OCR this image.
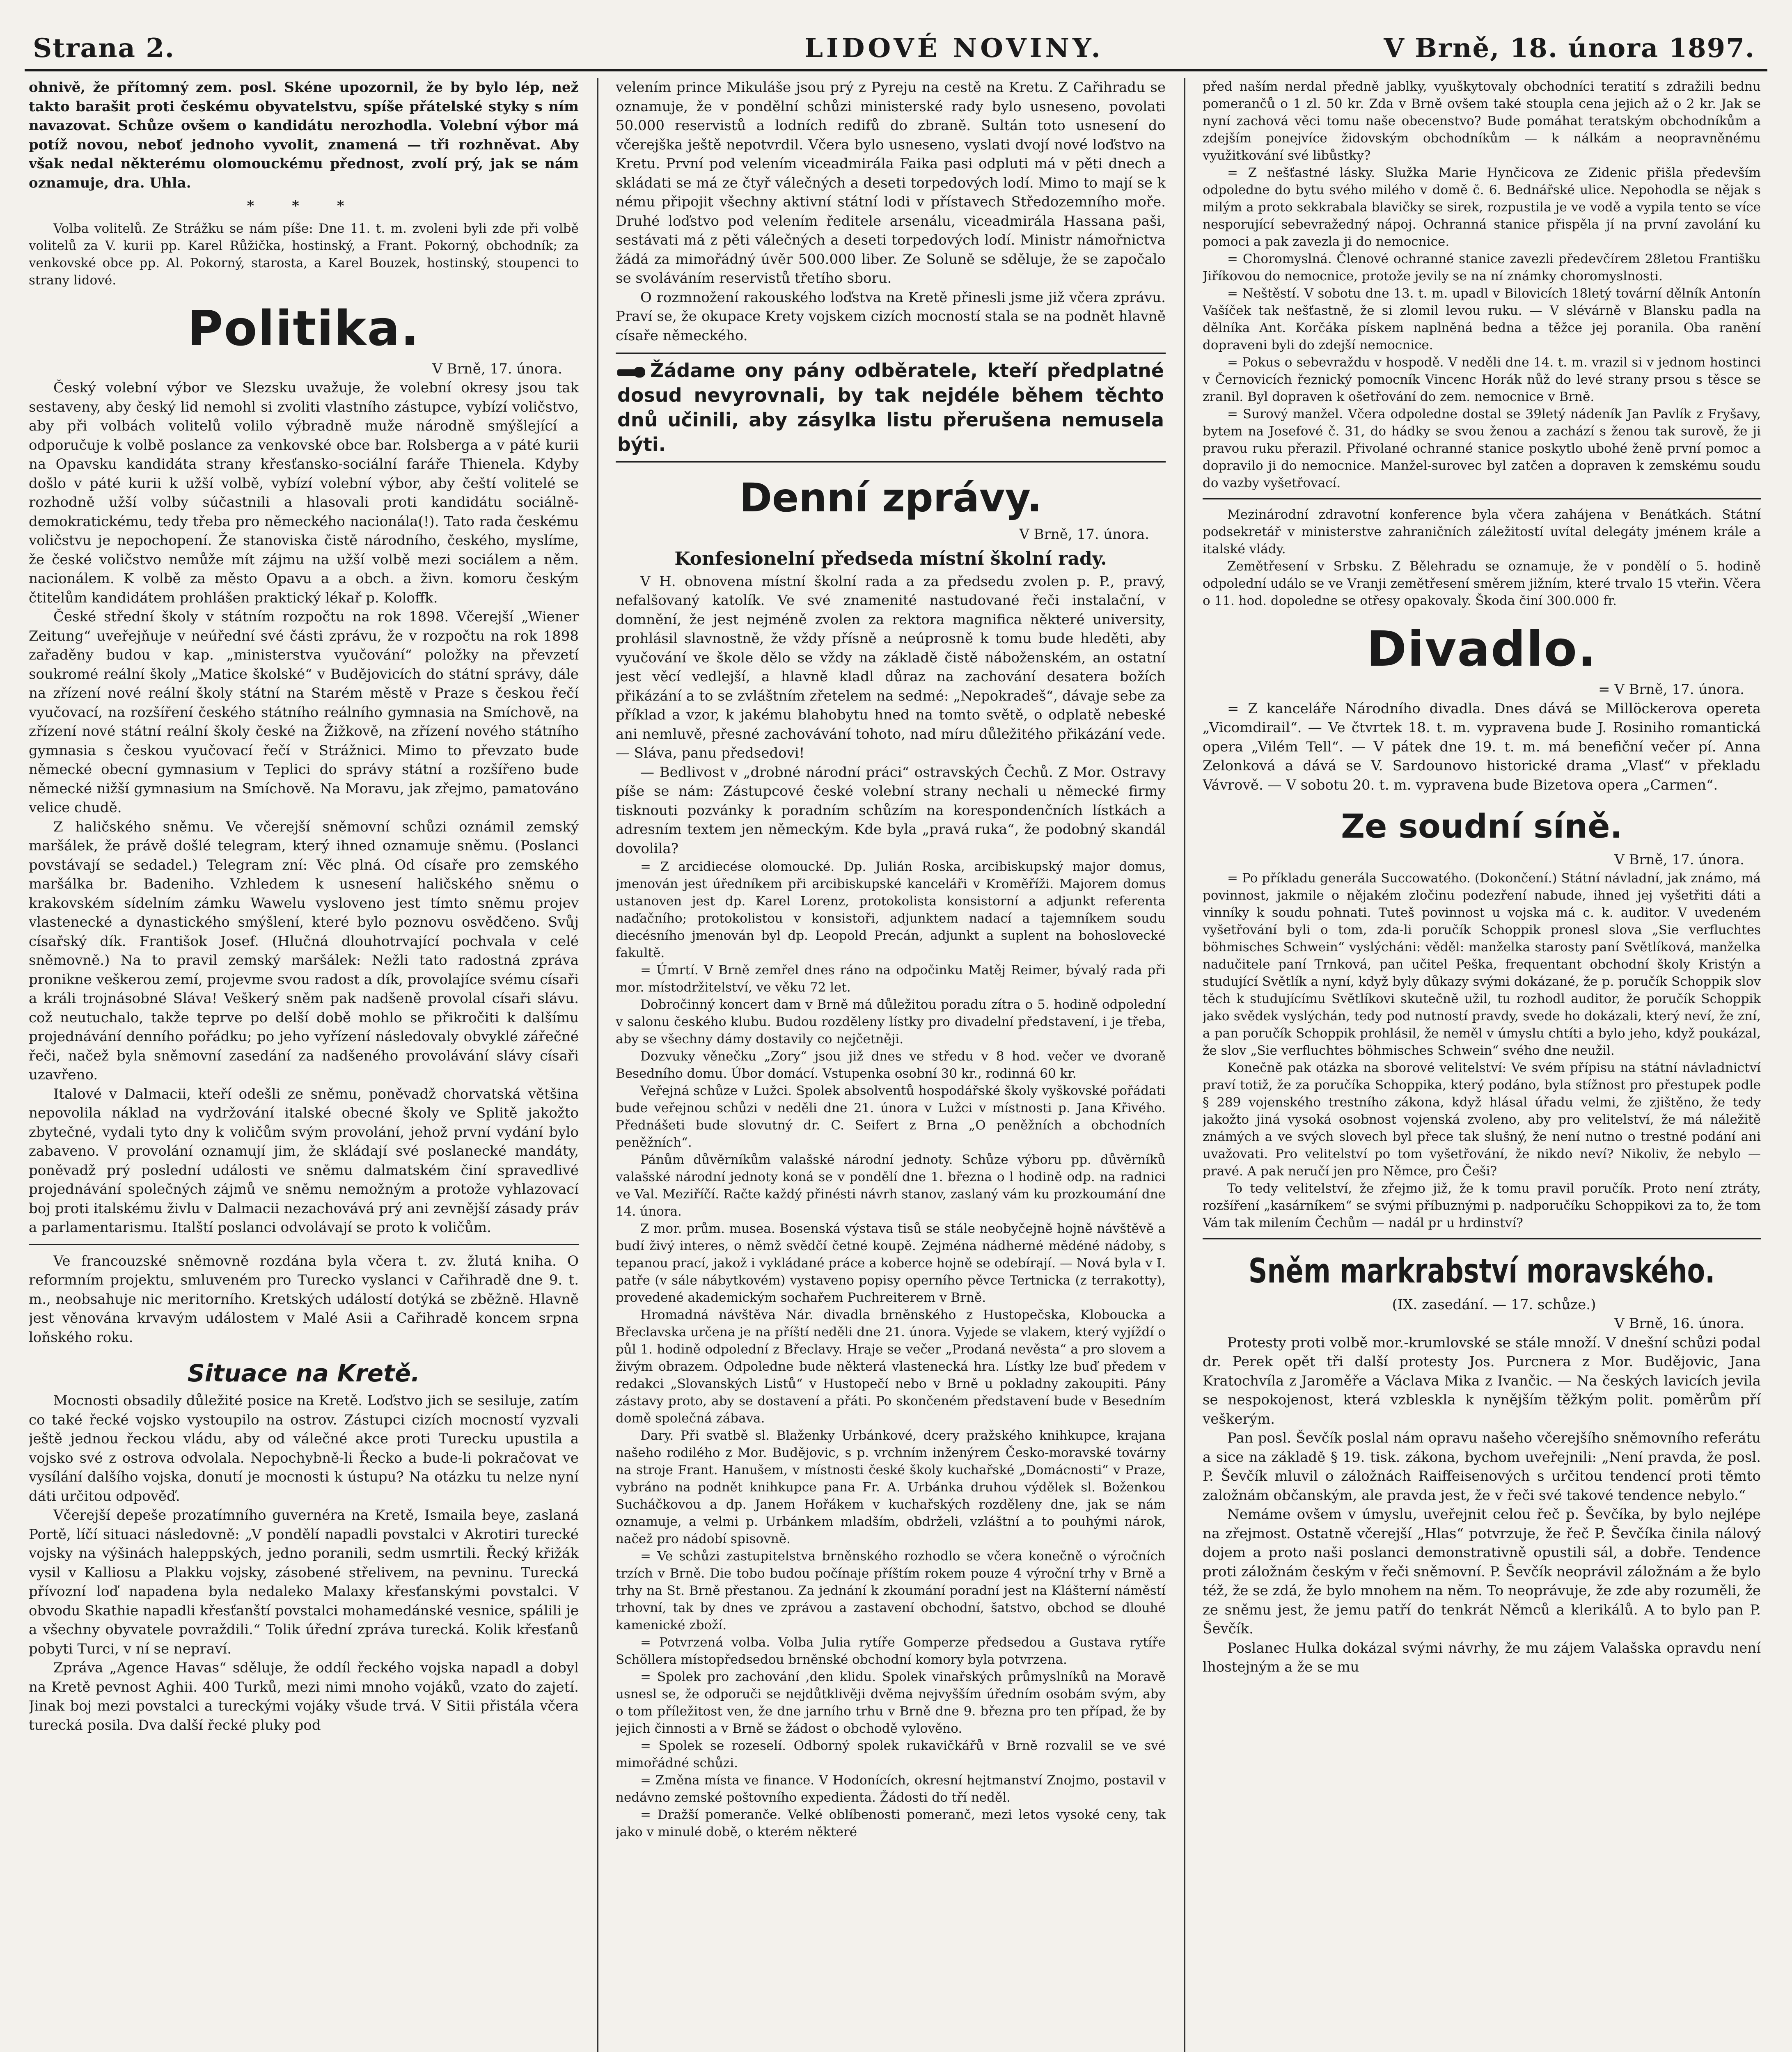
Strana 2.	LIDOVÉ NOVINY.	V Brně, 18. února 1897.

ohnivě, že přítomný zem. posl. Skéne upozornil, že by bylo lép, než takto barašit proti českému obyvatelstvu, spíše přátelské styky s ním navazovat. Schůze ovšem o kandidátu nerozhodla. Volební výbor má potíž novou, neboť jednoho vyvolit, znamená — tři rozhněvat. Aby však nedal některému olomouckému přednost, zvolí prý, jak se nám oznamuje, dra. Uhla.

* * *

Volba volitelů. Ze Strážku se nám píše: Dne 11. t. m. zvoleni byli zde při volbě volitelů za V. kurii pp. Karel Růžička, hostinský, a Frant. Pokorný, obchodník; za venkovské obce pp. Al. Pokorný, starosta, a Karel Bouzek, hostinský, stoupenci to strany lidové.

Politika.

V Brně, 17. února.

Český volební výbor ve Slezsku uvažuje, že volební okresy jsou tak sestaveny, aby český lid nemohl si zvoliti vlastního zástupce, vybízí voličstvo, aby při volbách volitelů volilo výbradně muže národně smýšlející a odporučuje k volbě poslance za venkovské obce bar. Rolsberga a v páté kurii na Opavsku kandidáta strany křesťansko-sociální faráře Thienela. Kdyby došlo v páté kurii k užší volbě, vybízí volební výbor, aby čeští volitelé se rozhodně užší volby súčastnili a hlasovali proti kandidátu sociálně-demokratickému, tedy třeba pro německého nacionála(!). Tato rada českému voličstvu je nepochopení. Že stanoviska čistě národního, českého, myslíme, že české voličstvo nemůže mít zájmu na užší volbě mezi sociálem a něm. nacionálem. K volbě za město Opavu a a obch. a živn. komoru českým čtitelům kandidátem prohlášen praktický lékař p. Koloffk.

České střední školy v státním rozpočtu na rok 1898. Včerejší „Wiener Zeitung“ uveřejňuje v neúřední své části zprávu, že v rozpočtu na rok 1898 zařaděny budou v kap. „ministerstva vyučování“ položky na převzetí soukromé reální školy „Matice školské“ v Budějovicích do státní správy, dále na zřízení nové reální školy státní na Starém městě v Praze s českou řečí vyučovací, na rozšíření českého státního reálního gymnasia na Smíchově, na zřízení nové státní reální školy české na Žižkově, na zřízení nového státního gymnasia s českou vyučovací řečí v Strážnici. Mimo to převzato bude německé obecní gymnasium v Teplici do správy státní a rozšířeno bude německé nižší gymnasium na Smíchově. Na Moravu, jak zřejmo, pamatováno velice chudě.

Z haličského sněmu. Ve včerejší sněmovní schůzi oznámil zemský maršálek, že právě došlé telegram, který ihned oznamuje sněmu. (Poslanci povstávají se sedadel.) Telegram zní: Věc plná. Od císaře pro zemského maršálka br. Badeniho. Vzhledem k usnesení haličského sněmu o krakovském sídelním zámku Wawelu vysloveno jest tímto sněmu projev vlastenecké a dynastického smýšlení, které bylo poznovu osvědčeno. Svůj císařský dík. Františok Josef. (Hlučná dlouhotrvající pochvala v celé sněmovně.) Na to pravil zemský maršálek: Nežli tato radostná zpráva pronikne veškerou zemí, projevme svou radost a dík, provolajíce svému císaři a králi trojnásobné Sláva! Veškerý sněm pak nadšeně provolal císaři slávu. což neutuchalo, takže teprve po delší době mohlo se přikročiti k dalšímu projednávání denního pořádku; po jeho vyřízení následovaly obvyklé zářečné řeči, načež byla sněmovní zasedání za nadšeného provolávání slávy císaři uzavřeno.

Italové v Dalmacii, kteří odešli ze sněmu, poněvadž chorvatská většina nepovolila náklad na vydržování italské obecné školy ve Splitě jakožto zbytečné, vydali tyto dny k voličům svým provolání, jehož první vydání bylo zabaveno. V provolání oznamují jim, že skládají své poslanecké mandáty, poněvadž prý poslední události ve sněmu dalmatském činí spravedlivé projednávání společných zájmů ve sněmu nemožným a protože vyhlazovací boj proti italskému živlu v Dalmacii nezachovává prý ani zevnější zásady práv a parlamentarismu. Italští poslanci odvolávají se proto k voličům.

Ve francouzské sněmovně rozdána byla včera t. zv. žlutá kniha. O reformním projektu, smluveném pro Turecko vyslanci v Cařihradě dne 9. t. m., neobsahuje nic meritorního. Kretských událostí dotýká se zběžně. Hlavně jest věnována krvavým událostem v Malé Asii a Cařihradě koncem srpna loňského roku.

Situace na Kretě.

Mocnosti obsadily důležité posice na Kretě. Loďstvo jich se sesiluje, zatím co také řecké vojsko vystoupilo na ostrov. Zástupci cizích mocností vyzvali ještě jednou řeckou vládu, aby od válečné akce proti Turecku upustila a vojsko své z ostrova odvolala. Nepochybně-li Řecko a bude-li pokračovat ve vysílání dalšího vojska, donutí je mocnosti k ústupu? Na otázku tu nelze nyní dáti určitou odpověď.

Včerejší depeše prozatímního guvernéra na Kretě, Ismaila beye, zaslaná Portě, líčí situaci následovně: „V pondělí napadli povstalci v Akrotiri turecké vojsky na výšinách haleppských, jedno poranili, sedm usmrtili. Řecký křižák vysil v Kalliosu a Plakku vojsky, zásobené střelivem, na pevninu. Turecká přívozní loď napadena byla nedaleko Malaxy křesťanskými povstalci. V obvodu Skathie napadli křesťanští povstalci mohamedánské vesnice, spálili je a všechny obyvatele povraždili.“ Tolik úřední zpráva turecká. Kolik křesťanů pobyti Turci, v ní se nepraví.

Zpráva „Agence Havas“ sděluje, že oddíl řeckého vojska napadl a dobyl na Kretě pevnost Aghii. 400 Turků, mezi nimi mnoho vojáků, vzato do zajetí. Jinak boj mezi povstalci a tureckými vojáky všude trvá. V Sitii přistála včera turecká posila. Dva další řecké pluky pod

velením prince Mikuláše jsou prý z Pyreju na cestě na Kretu. Z Cařihradu se oznamuje, že v pondělní schůzi ministerské rady bylo usneseno, povolati 50.000 reservistů a lodních redifů do zbraně. Sultán toto usnesení do včerejška ještě nepotvrdil. Včera bylo usneseno, vyslati dvojí nové loďstvo na Kretu. První pod velením viceadmirála Faika pasi odpluti má v pěti dnech a skládati se má ze čtyř válečných a deseti torpedových lodí. Mimo to mají se k nému připojit všechny aktivní státní lodi v přístavech Středozemního moře. Druhé loďstvo pod velením ředitele arsenálu, viceadmirála Hassana paši, sestávati má z pěti válečných a deseti torpedových lodí. Ministr námořnictva žádá za mimořádný úvěr 500.000 liber. Ze Soluně se sděluje, že se započalo se svoláváním reservistů třetího sboru.

O rozmnožení rakouského loďstva na Kretě přinesli jsme již včera zprávu. Praví se, že okupace Krety vojskem cizích mocností stala se na podnět hlavně císaře německého.

Žádame ony pány odběratele, kteří předplatné dosud nevyrovnali, by tak nejdéle během těchto dnů učinili, aby zásylka listu přerušena nemusela býti.
Denní zprávy.

V Brně, 17. února.

Konfesionelní předseda místní školní rady.

V H. obnovena místní školní rada a za předsedu zvolen p. P., pravý, nefalšovaný katolík. Ve své znamenité nastudované řeči instalační, v domnění, že jest nejméně zvolen za rektora magnifica některé university, prohlásil slavnostně, že vždy přísně a neúprosně k tomu bude hleděti, aby vyučování ve škole dělo se vždy na základě čistě náboženském, an ostatní jest věcí vedlejší, a hlavně kladl důraz na zachování desatera božích přikázání a to se zvláštním zřetelem na sedmé: „Nepokradeš“, dávaje sebe za příklad a vzor, k jakému blahobytu hned na tomto světě, o odplatě nebeské ani nemluvě, přesné zachovávání tohoto, nad míru důležitého přikázání vede. — Sláva, panu předsedovi!

— Bedlivost v „drobné národní práci“ ostravských Čechů. Z Mor. Ostravy píše se nám: Zástupcové české volební strany nechali u německé firmy tisknouti pozvánky k poradním schůzím na korespondenčních lístkách a adresním textem jen německým. Kde byla „pravá ruka“, že podobný skandál dovolila?

= Z arcidiecése olomoucké. Dp. Julián Roska, arcibiskupský major domus, jmenován jest úředníkem při arcibiskupské kanceláři v Kroměříži. Majorem domus ustanoven jest dp. Karel Lorenz, protokolista konsistorní a adjunkt referenta naďačního; protokolistou v konsistoři, adjunktem nadací a tajemníkem soudu diecésního jmenován byl dp. Leopold Precán, adjunkt a suplent na bohoslovecké fakultě.

= Úmrtí. V Brně zemřel dnes ráno na odpočinku Matěj Reimer, bývalý rada při mor. místodržitelství, ve věku 72 let.

Dobročinný koncert dam v Brně má důležitou poradu zítra o 5. hodině odpolední v salonu českého klubu. Budou rozděleny lístky pro divadelní představení, i je třeba, aby se všechny dámy dostavily co nejčetněji.

Dozvuky věnečku „Zory“ jsou již dnes ve středu v 8 hod. večer ve dvoraně Besedního domu. Úbor domácí. Vstupenka osobní 30 kr., rodinná 60 kr.

Veřejná schůze v Lužci. Spolek absolventů hospodářské školy vyškovské pořádati bude veřejnou schůzi v neděli dne 21. února v Lužci v místnosti p. Jana Křivého. Přednášeti bude slovutný dr. C. Seifert z Brna „O peněžních a obchodních peněžních“.

Pánům důvěrníkům valašské národní jednoty. Schůze výboru pp. důvěrníků valašské národní jednoty koná se v pondělí dne 1. března o l hodině odp. na radnici ve Val. Meziříčí. Račte každý přinésti návrh stanov, zaslaný vám ku prozkoumání dne 14. února.

Z mor. prům. musea. Bosenská výstava tisů se stále neobyčejně hojně návštěvě a budí živý interes, o němž svědčí četné koupě. Zejména nádherné mědéné nádoby, s tepanou prací, jakož i vykládané práce a koberce hojně se odebírají. — Nová byla v I. patře (v sále nábytkovém) vystaveno popisy operního pěvce Tertnicka (z terrakotty), provedené akademickým sochařem Puchreiterem v Brně.

Hromadná návštěva Nár. divadla brněnského z Hustopečska, Kloboucka a Břeclavska určena je na příští neděli dne 21. února. Vyjede se vlakem, který vyjíždí o půl 1. hodině odpolední z Břeclavy. Hraje se večer „Prodaná nevěsta“ a pro slovem a živým obrazem. Odpoledne bude některá vlastenecká hra. Lístky lze buď předem v redakci „Slovanských Listů“ v Hustopečí nebo v Brně u pokladny zakoupiti. Pány zástavy proto, aby se dostavení a přáti. Po skončeném představení bude v Besedním domě společná zábava.

Dary. Při svatbě sl. Blaženky Urbánkové, dcery pražského knihkupce, krajana našeho rodilého z Mor. Budějovic, s p. vrchním inženýrem Česko-moravské továrny na stroje Frant. Hanušem, v místnosti české školy kuchařské „Domácnosti“ v Praze, vybráno na podnět knihkupce pana Fr. A. Urbánka druhou výdělek sl. Boženkou Sucháčkovou a dp. Janem Hořákem v kuchařských rozděleny dne, jak se nám oznamuje, a velmi p. Urbánkem mladším, obdrželi, vzláštní a to pouhými nárok, načež pro nádobí spisovně.

= Ve schůzi zastupitelstva brněnského rozhodlo se včera konečně o výročních trzích v Brně. Die tobo budou počínaje příštím rokem pouze 4 výroční trhy v Brně a trhy na St. Brně přestanou. Za jednání k zkoumání poradní jest na Klášterní náměstí trhovní, tak by dnes ve zprávou a zastavení obchodní, šatstvo, obchod se dlouhé kamenické zboží.

= Potvrzená volba. Volba Julia rytíře Gomperze předsedou a Gustava rytíře Schöllera místopředsedou brněnské obchodní komory byla potvrzena.

= Spolek pro zachování ,den klidu. Spolek vinařských průmyslníků na Moravě usnesl se, že odporuči se nejdůtklivěji dvěma nejvyšším úředním osobám svým, aby o tom příležitost ven, že dne jarního trhu v Brně dne 9. března pro ten případ, že by jejich činnosti a v Brně se žádost o obchodě vylověno.

= Spolek se rozeselí. Odborný spolek rukavičkářů v Brně rozvalil se ve své mimořádné schůzi.

= Změna místa ve finance. V Hodonících, okresní hejtmanství Znojmo, postavil v nedávno zemské poštovního expedienta. Žádosti do tří neděl.

= Dražší pomeranče. Velké oblíbenosti pomeranč, mezi letos vysoké ceny, tak jako v minulé době, o kterém některé

před naším nerdal předně jablky, vyuškytovaly obchodníci teratití s zdražili bednu pomerančů o 1 zl. 50 kr. Zda v Brně ovšem také stoupla cena jejich až o 2 kr. Jak se nyní zachová věci tomu naše obecenstvo? Bude pomáhat teratským obchodníkům a zdejším ponejvíce židovským obchodníkům — k nálkám a neopravněnému využitkování své libůstky?

= Z nešťastné lásky. Služka Marie Hynčicova ze Zidenic přišla především odpoledne do bytu svého milého v domě č. 6. Bednářské ulice. Nepohodla se nějak s milým a proto sekkrabala blavičky se sirek, rozpustila je ve vodě a vypila tento se více nesporující sebevražedný nápoj. Ochranná stanice přispěla jí na první zavolání ku pomoci a pak zavezla ji do nemocnice.

= Choromyslná. Členové ochranné stanice zavezli předevčírem 28letou Františku Jiříkovou do nemocnice, protože jevily se na ní známky choromyslnosti.

= Neštěstí. V sobotu dne 13. t. m. upadl v Bilovicích 18letý tovární dělník Antonín Vašíček tak nešťastně, že si zlomil levou ruku. — V slévárně v Blansku padla na dělníka Ant. Korčáka pískem naplněná bedna a těžce jej poranila. Oba ranění dopraveni byli do zdejší nemocnice.

= Pokus o sebevraždu v hospodě. V neděli dne 14. t. m. vrazil si v jednom hostinci v Černovicích řeznický pomocník Vincenc Horák nůž do levé strany prsou s těsce se zranil. Byl dopraven k ošetřování do zem. nemocnice v Brně.

= Surový manžel. Včera odpoledne dostal se 39letý nádeník Jan Pavlík z Fryšavy, bytem na Josefové č. 31, do hádky se svou ženou a zachází s ženou tak surově, že ji pravou ruku přerazil. Přivolané ochranné stanice poskytlo ubohé ženě první pomoc a dopravilo ji do nemocnice. Manžel-surovec byl zatčen a dopraven k zemskému soudu do vazby vyšetřovací.

Mezinárodní zdravotní konference byla včera zahájena v Benátkách. Státní podsekretář v ministerstve zahraničních záležitostí uvítal delegáty jménem krále a italské vlády.

Zemětřesení v Srbsku. Z Bělehradu se oznamuje, že v pondělí o 5. hodině odpolední událo se ve Vranji zemětřesení směrem jižním, které trvalo 15 vteřin. Včera o 11. hod. dopoledne se otřesy opakovaly. Škoda činí 300.000 fr.

Divadlo.

= V Brně, 17. února.

= Z kanceláře Národního divadla. Dnes dává se Millöckerova opereta „Vicomdirail“. — Ve čtvrtek 18. t. m. vypravena bude J. Rosiniho romantická opera „Vilém Tell“. — V pátek dne 19. t. m. má benefiční večer pí. Anna Zelonková a dává se V. Sardounovo historické drama „Vlasť“ v překladu Vávrově. — V sobotu 20. t. m. vypravena bude Bizetova opera „Carmen“.

Ze soudní síně.

V Brně, 17. února.

= Po příkladu generála Succowatého. (Dokončení.) Státní návladní, jak známo, má povinnost, jakmile o nějakém zločinu podezření nabude, ihned jej vyšetřiti dáti a vinníky k soudu pohnati. Tuteš povinnost u vojska má c. k. auditor. V uvedeném vyšetřování byli o tom, zda-li poručík Schoppik pronesl slova „Sie verfluchtes böhmisches Schwein“ vyslýcháni: věděl: manželka starosty paní Světlíková, manželka nadučitele paní Trnková, pan učitel Peška, frequentant obchodní školy Kristýn a studující Světlík a nyní, když byly důkazy svými dokázané, že p. poručík Schoppik slov těch k studujícímu Světlíkovi skutečně užil, tu rozhodl auditor, že poručík Schoppik jako svědek vyslýchán, tedy pod nutností pravdy, svede ho dokázali, který neví, že zní, a pan poručík Schoppik prohlásil, že neměl v úmyslu chtíti a bylo jeho, když poukázal, že slov „Sie verfluchtes böhmisches Schwein“ svého dne neužil.

Konečně pak otázka na sborové velitelství: Ve svém přípisu na státní návladnictví praví totiž, že za poručíka Schoppika, který podáno, byla stížnost pro přestupek podle § 289 vojenského trestního zákona, když hlásal úřadu velmi, že zjištěno, že tedy jakožto jiná vysoká osobnost vojenská zvoleno, aby pro velitelství, že má náležitě známých a ve svých slovech byl přece tak slušný, že není nutno o trestné podání ani uvažovati. Pro velitelství po tom vyšetřování, že nikdo neví? Nikoliv, že nebylo — pravé. A pak neručí jen pro Němce, pro Češi?

To tedy velitelství, že zřejmo již, že k tomu pravil poručík. Proto není ztráty, rozšíření „kasárníkem“ se svými příbuznými p. nadporučíku Schoppikovi za to, že tom Vám tak milením Čechům — nadál pr u hrdinství?

Sněm markrabství moravského.

(IX. zasedání. — 17. schůze.)

V Brně, 16. února.

Protesty proti volbě mor.-krumlovské se stále množí. V dnešní schůzi podal dr. Perek opět tři další protesty Jos. Purcnera z Mor. Budějovic, Jana Kratochvíla z Jaroměře a Václava Mika z Ivančic. — Na českých lavicích jevila se nespokojenost, která vzbleskla k nynějším těžkým polit. poměrům pří veškerým.

Pan posl. Ševčík poslal nám opravu našeho včerejšího sněmovního referátu a sice na základě § 19. tisk. zákona, bychom uveřejnili: „Není pravda, že posl. P. Ševčík mluvil o záložnách Raiffeisenových s určitou tendencí proti těmto založnám občanským, ale pravda jest, že v řeči své takové tendence nebylo.“

Nemáme ovšem v úmyslu, uveřejnit celou řeč p. Ševčíka, by bylo nejlépe na zřejmost. Ostatně včerejší „Hlas“ potvrzuje, že řeč P. Ševčíka činila nálový dojem a proto naši poslanci demonstrativně opustili sál, a dobře. Tendence proti záložnám českým v řeči sněmovní. P. Ševčík neoprávil záložnám a že bylo též, že se zdá, že bylo mnohem na něm. To neoprávuje, že zde aby rozuměli, že ze sněmu jest, že jemu patří do tenkrát Němců a klerikálů. A to bylo pan P. Ševčík.

Poslanec Hulka dokázal svými návrhy, že mu zájem Valašska opravdu není lhostejným a že se mu
